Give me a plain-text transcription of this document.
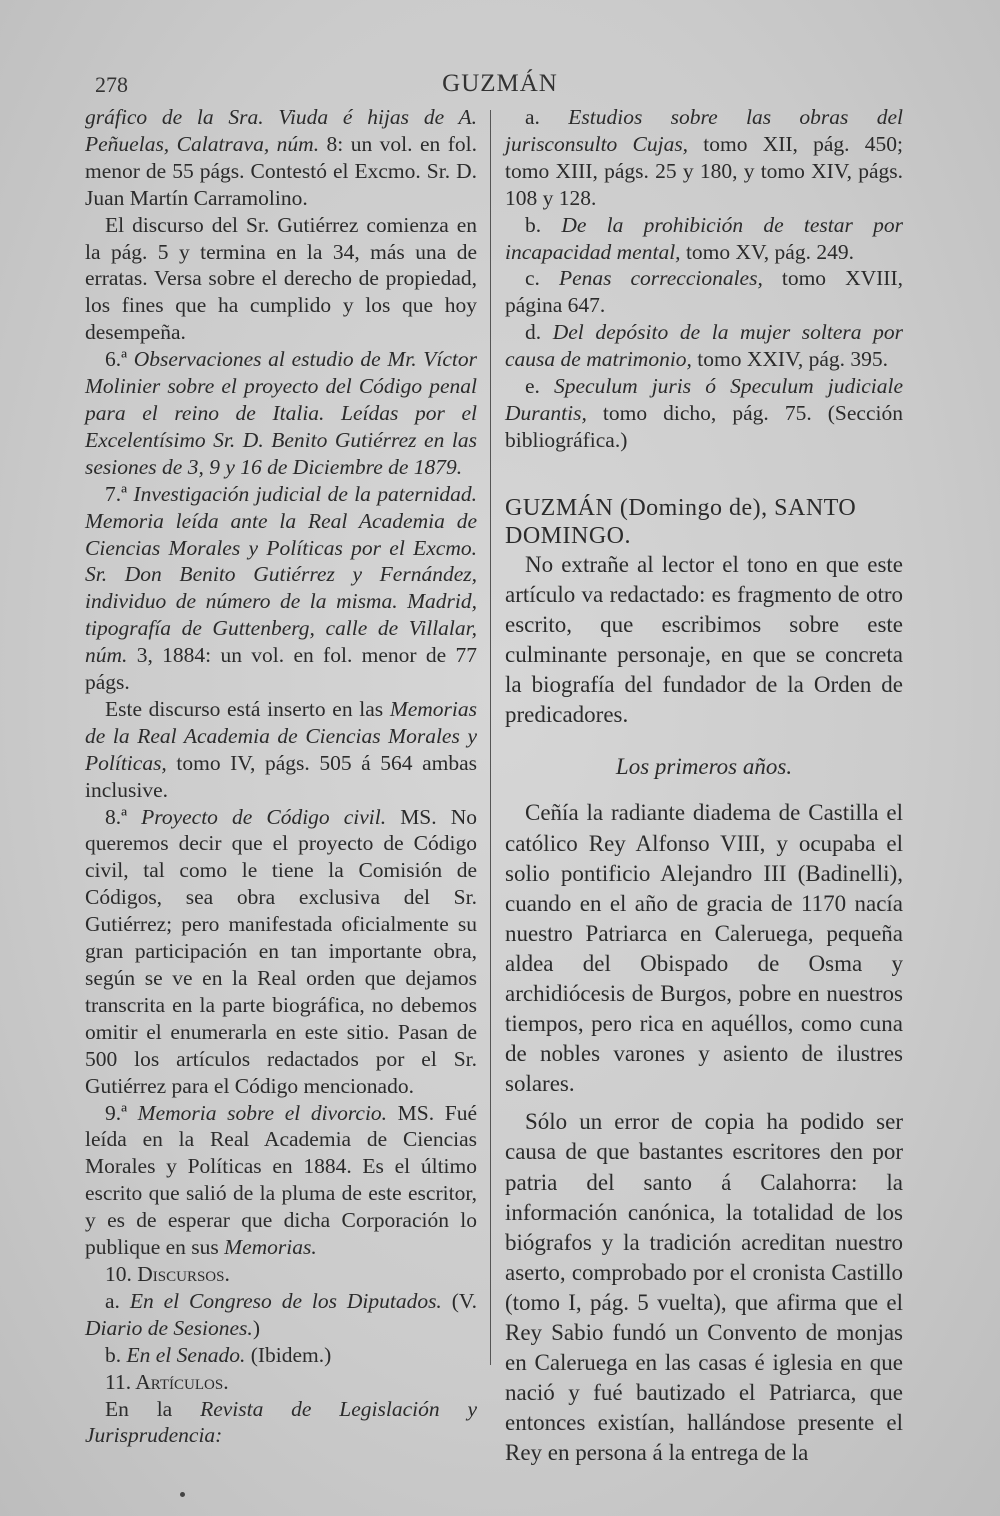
278	GUZMÁN

gráfico de la Sra. Viuda é hijas de A. Peñuelas, Calatrava, núm. 8: un vol. en fol. menor de 55 págs. Contestó el Excmo. Sr. D. Juan Martín Carramolino.

El discurso del Sr. Gutiérrez comienza en la pág. 5 y termina en la 34, más una de erratas. Versa sobre el derecho de propiedad, los fines que ha cumplido y los que hoy desempeña.

6.ª Observaciones al estudio de Mr. Víctor Molinier sobre el proyecto del Código penal para el reino de Italia. Leídas por el Excelentísimo Sr. D. Benito Gutiérrez en las sesiones de 3, 9 y 16 de Diciembre de 1879.

7.ª Investigación judicial de la paternidad. Memoria leída ante la Real Academia de Ciencias Morales y Políticas por el Excmo. Sr. Don Benito Gutiérrez y Fernández, individuo de número de la misma. Madrid, tipografía de Guttenberg, calle de Villalar, núm. 3, 1884: un vol. en fol. menor de 77 págs.

Este discurso está inserto en las Memorias de la Real Academia de Ciencias Morales y Políticas, tomo IV, págs. 505 á 564 ambas inclusive.

8.ª Proyecto de Código civil. MS. No queremos decir que el proyecto de Código civil, tal como le tiene la Comisión de Códigos, sea obra exclusiva del Sr. Gutiérrez; pero manifestada oficialmente su gran participación en tan importante obra, según se ve en la Real orden que dejamos transcrita en la parte biográfica, no debemos omitir el enumerarla en este sitio. Pasan de 500 los artículos redactados por el Sr. Gutiérrez para el Código mencionado.

9.ª Memoria sobre el divorcio. MS. Fué leída en la Real Academia de Ciencias Morales y Políticas en 1884. Es el último escrito que salió de la pluma de este escritor, y es de esperar que dicha Corporación lo publique en sus Memorias.

10. Discursos.

a. En el Congreso de los Diputados. (V. Diario de Sesiones.)

b. En el Senado. (Ibidem.)

11. Artículos.

En la Revista de Legislación y Jurisprudencia:

a. Estudios sobre las obras del jurisconsulto Cujas, tomo XII, pág. 450; tomo XIII, págs. 25 y 180, y tomo XIV, págs. 108 y 128.

b. De la prohibición de testar por incapacidad mental, tomo XV, pág. 249.

c. Penas correccionales, tomo XVIII, página 647.

d. Del depósito de la mujer soltera por causa de matrimonio, tomo XXIV, pág. 395.

e. Speculum juris ó Speculum judiciale Durantis, tomo dicho, pág. 75. (Sección bibliográfica.)

GUZMÁN (Domingo de), SANTO DOMINGO.

No extrañe al lector el tono en que este artículo va redactado: es fragmento de otro escrito, que escribimos sobre este culminante personaje, en que se concreta la biografía del fundador de la Orden de predicadores.

Los primeros años.

Ceñía la radiante diadema de Castilla el católico Rey Alfonso VIII, y ocupaba el solio pontificio Alejandro III (Badinelli), cuando en el año de gracia de 1170 nacía nuestro Patriarca en Caleruega, pequeña aldea del Obispado de Osma y archidiócesis de Burgos, pobre en nuestros tiempos, pero rica en aquéllos, como cuna de nobles varones y asiento de ilustres solares.

Sólo un error de copia ha podido ser causa de que bastantes escritores den por patria del santo á Calahorra: la información canónica, la totalidad de los biógrafos y la tradición acreditan nuestro aserto, comprobado por el cronista Castillo (tomo I, pág. 5 vuelta), que afirma que el Rey Sabio fundó un Convento de monjas en Caleruega en las casas é iglesia en que nació y fué bautizado el Patriarca, que entonces existían, hallándose presente el Rey en persona á la entrega de la
